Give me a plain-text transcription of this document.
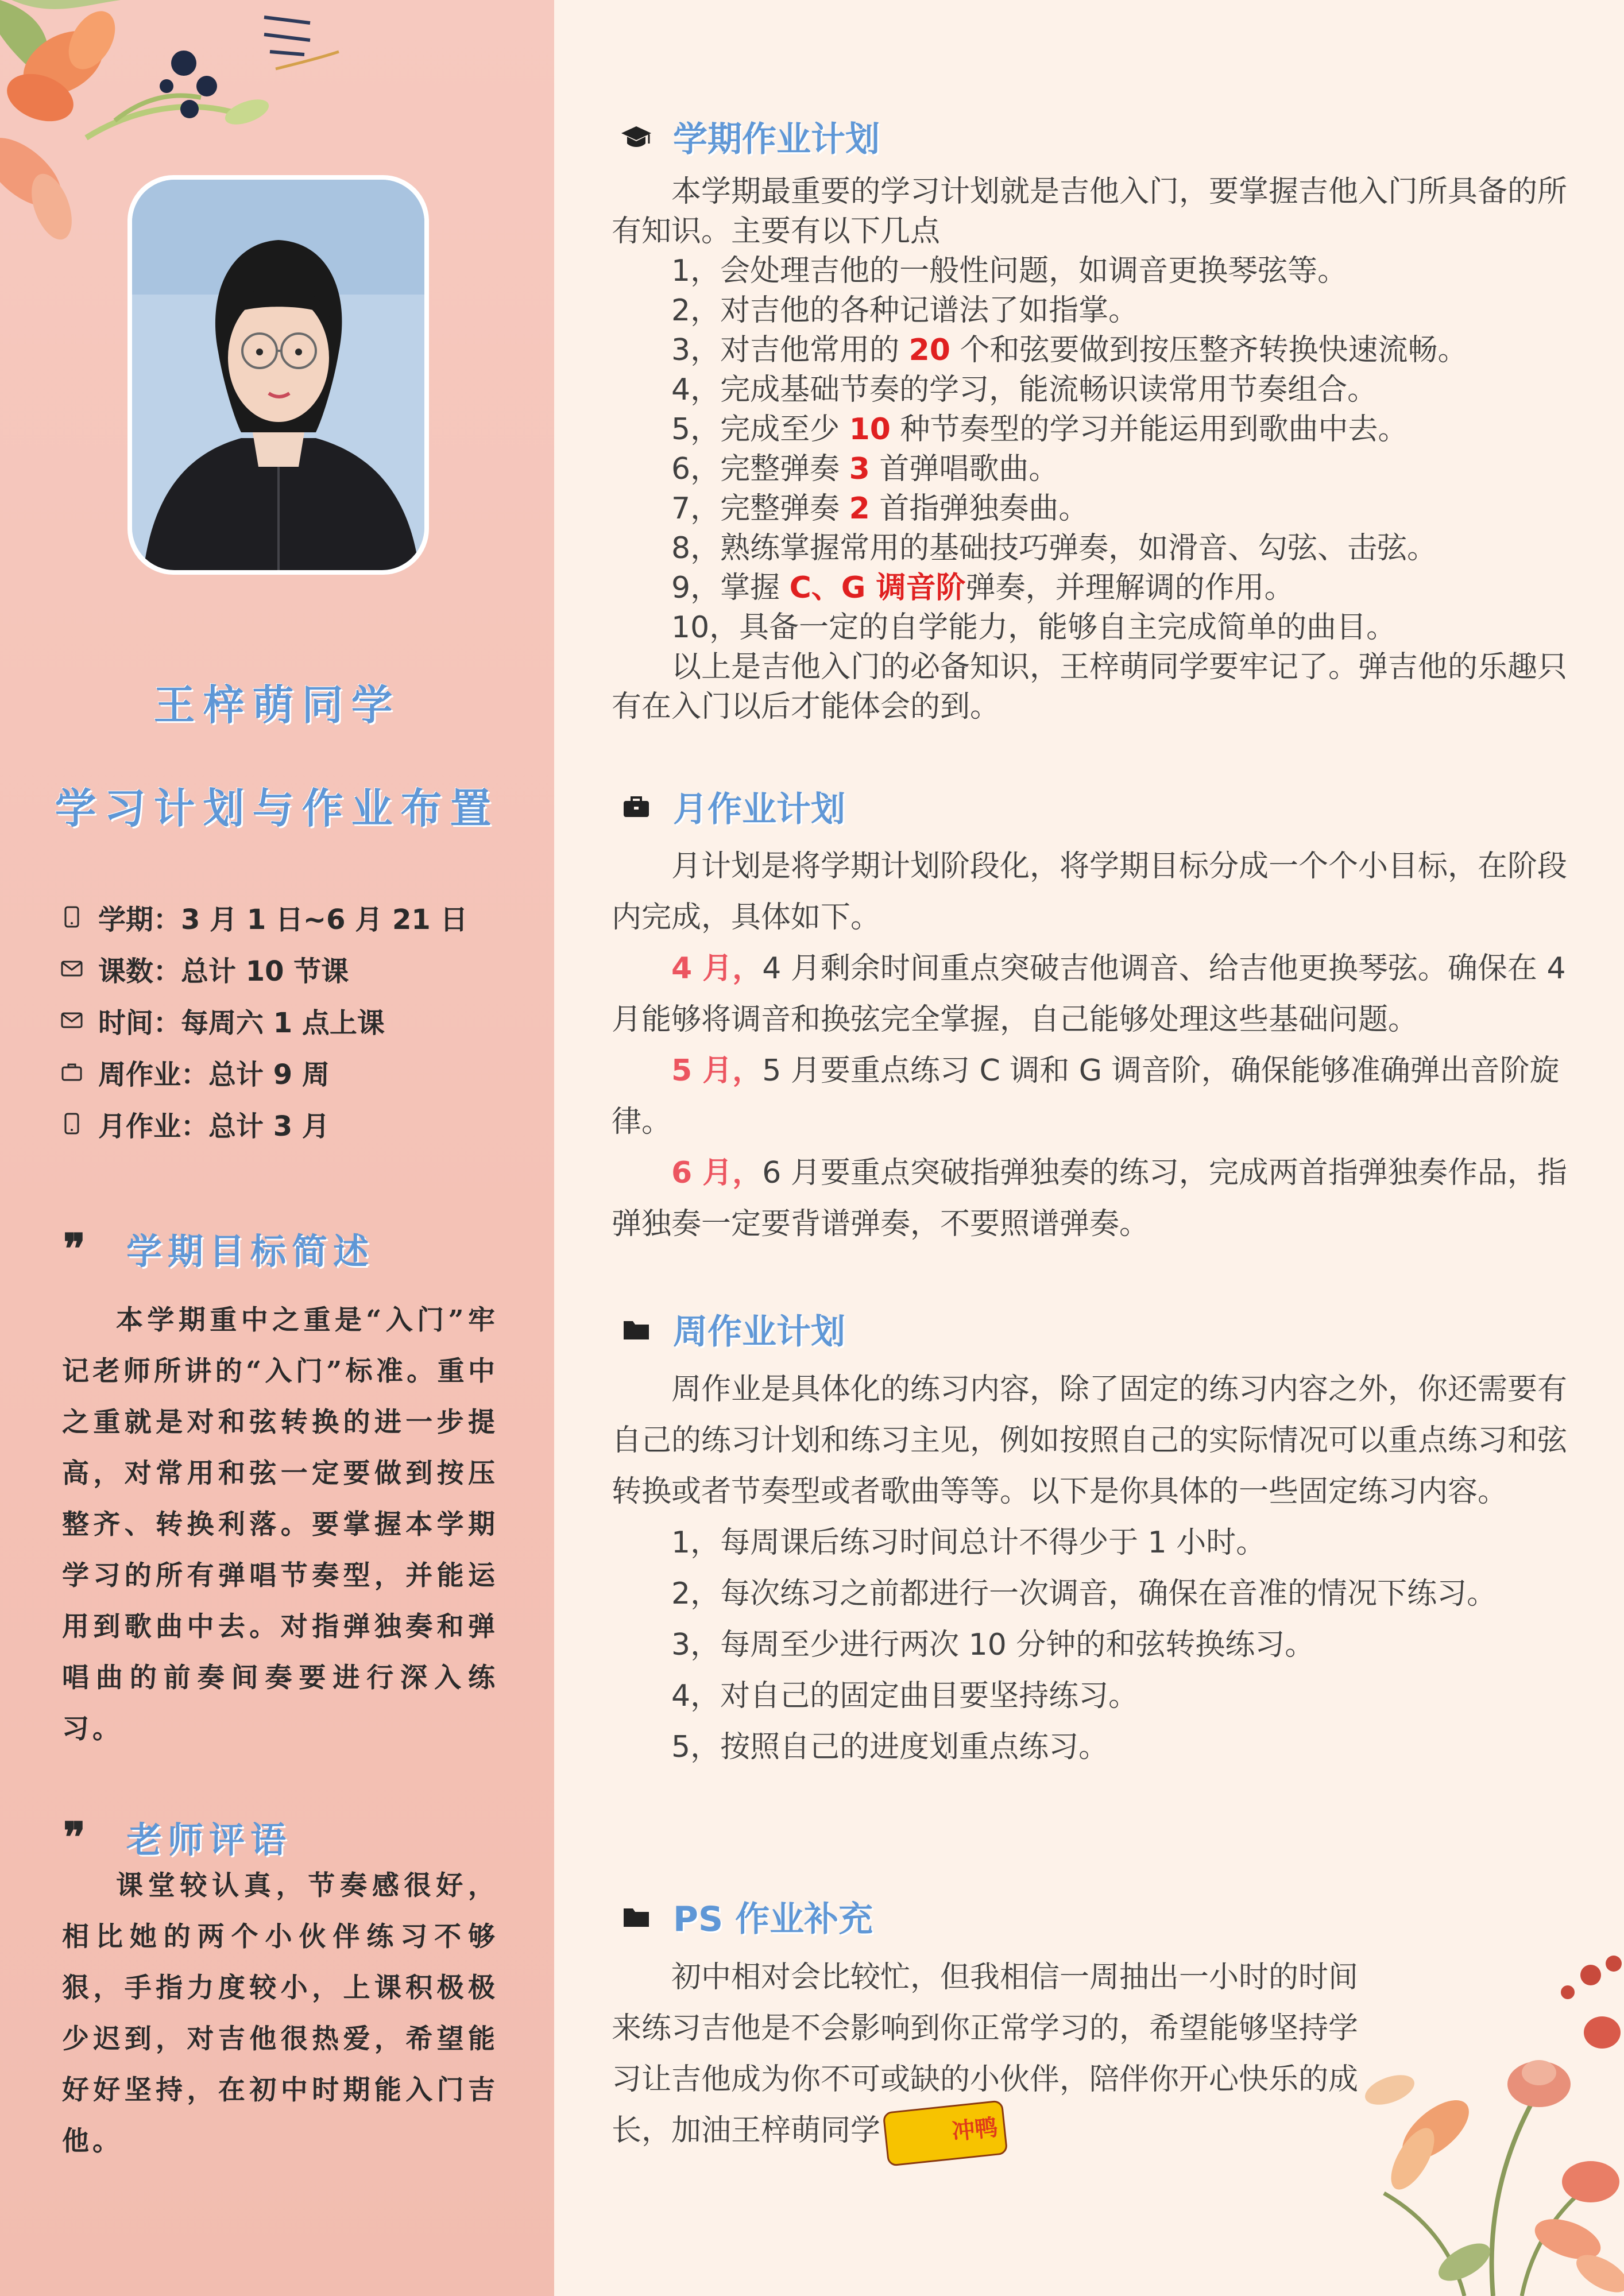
王梓萌同学
学习计划与作业布置
学期：3 月 1 日~6 月 21 日
课数：总计 10 节课
时间：每周六 1 点上课
周作业：总计 9 周
月作业：总计 3 月
❞	学期目标简述
本学期重中之重是“入门”牢记老师所讲的“入门”标准。重中之重就是对和弦转换的进一步提高，对常用和弦一定要做到按压整齐、转换利落。要掌握本学期学习的所有弹唱节奏型，并能运用到歌曲中去。对指弹独奏和弹唱曲的前奏间奏要进行深入练习。
❞	老师评语
课堂较认真，节奏感很好，相比她的两个小伙伴练习不够狠，手指力度较小，上课积极极少迟到，对吉他很热爱，希望能好好坚持，在初中时期能入门吉他。
学期作业计划

本学期最重要的学习计划就是吉他入门，要掌握吉他入门所具备的所有知识。主要有以下几点

1，会处理吉他的一般性问题，如调音更换琴弦等。

2，对吉他的各种记谱法了如指掌。

3，对吉他常用的 20 个和弦要做到按压整齐转换快速流畅。

4，完成基础节奏的学习，能流畅识读常用节奏组合。

5，完成至少 10 种节奏型的学习并能运用到歌曲中去。

6，完整弹奏 3 首弹唱歌曲。

7，完整弹奏 2 首指弹独奏曲。

8，熟练掌握常用的基础技巧弹奏，如滑音、勾弦、击弦。

9，掌握 C、G 调音阶弹奏，并理解调的作用。

10，具备一定的自学能力，能够自主完成简单的曲目。

以上是吉他入门的必备知识，王梓萌同学要牢记了。弹吉他的乐趣只有在入门以后才能体会的到。

月作业计划

月计划是将学期计划阶段化，将学期目标分成一个个小目标，在阶段内完成，具体如下。

4 月，4 月剩余时间重点突破吉他调音、给吉他更换琴弦。确保在 4 月能够将调音和换弦完全掌握，自己能够处理这些基础问题。

5 月，5 月要重点练习 C 调和 G 调音阶，确保能够准确弹出音阶旋律。

6 月，6 月要重点突破指弹独奏的练习，完成两首指弹独奏作品，指弹独奏一定要背谱弹奏，不要照谱弹奏。

周作业计划

周作业是具体化的练习内容，除了固定的练习内容之外，你还需要有自己的练习计划和练习主见，例如按照自己的实际情况可以重点练习和弦转换或者节奏型或者歌曲等等。以下是你具体的一些固定练习内容。

1，每周课后练习时间总计不得少于 1 小时。

2，每次练习之前都进行一次调音，确保在音准的情况下练习。

3，每周至少进行两次 10 分钟的和弦转换练习。

4，对自己的固定曲目要坚持练习。

5，按照自己的进度划重点练习。

PS 作业补充

初中相对会比较忙，但我相信一周抽出一小时的时间来练习吉他是不会影响到你正常学习的，希望能够坚持学习让吉他成为你不可或缺的小伙伴，陪伴你开心快乐的成长，加油王梓萌同学	冲鸭
